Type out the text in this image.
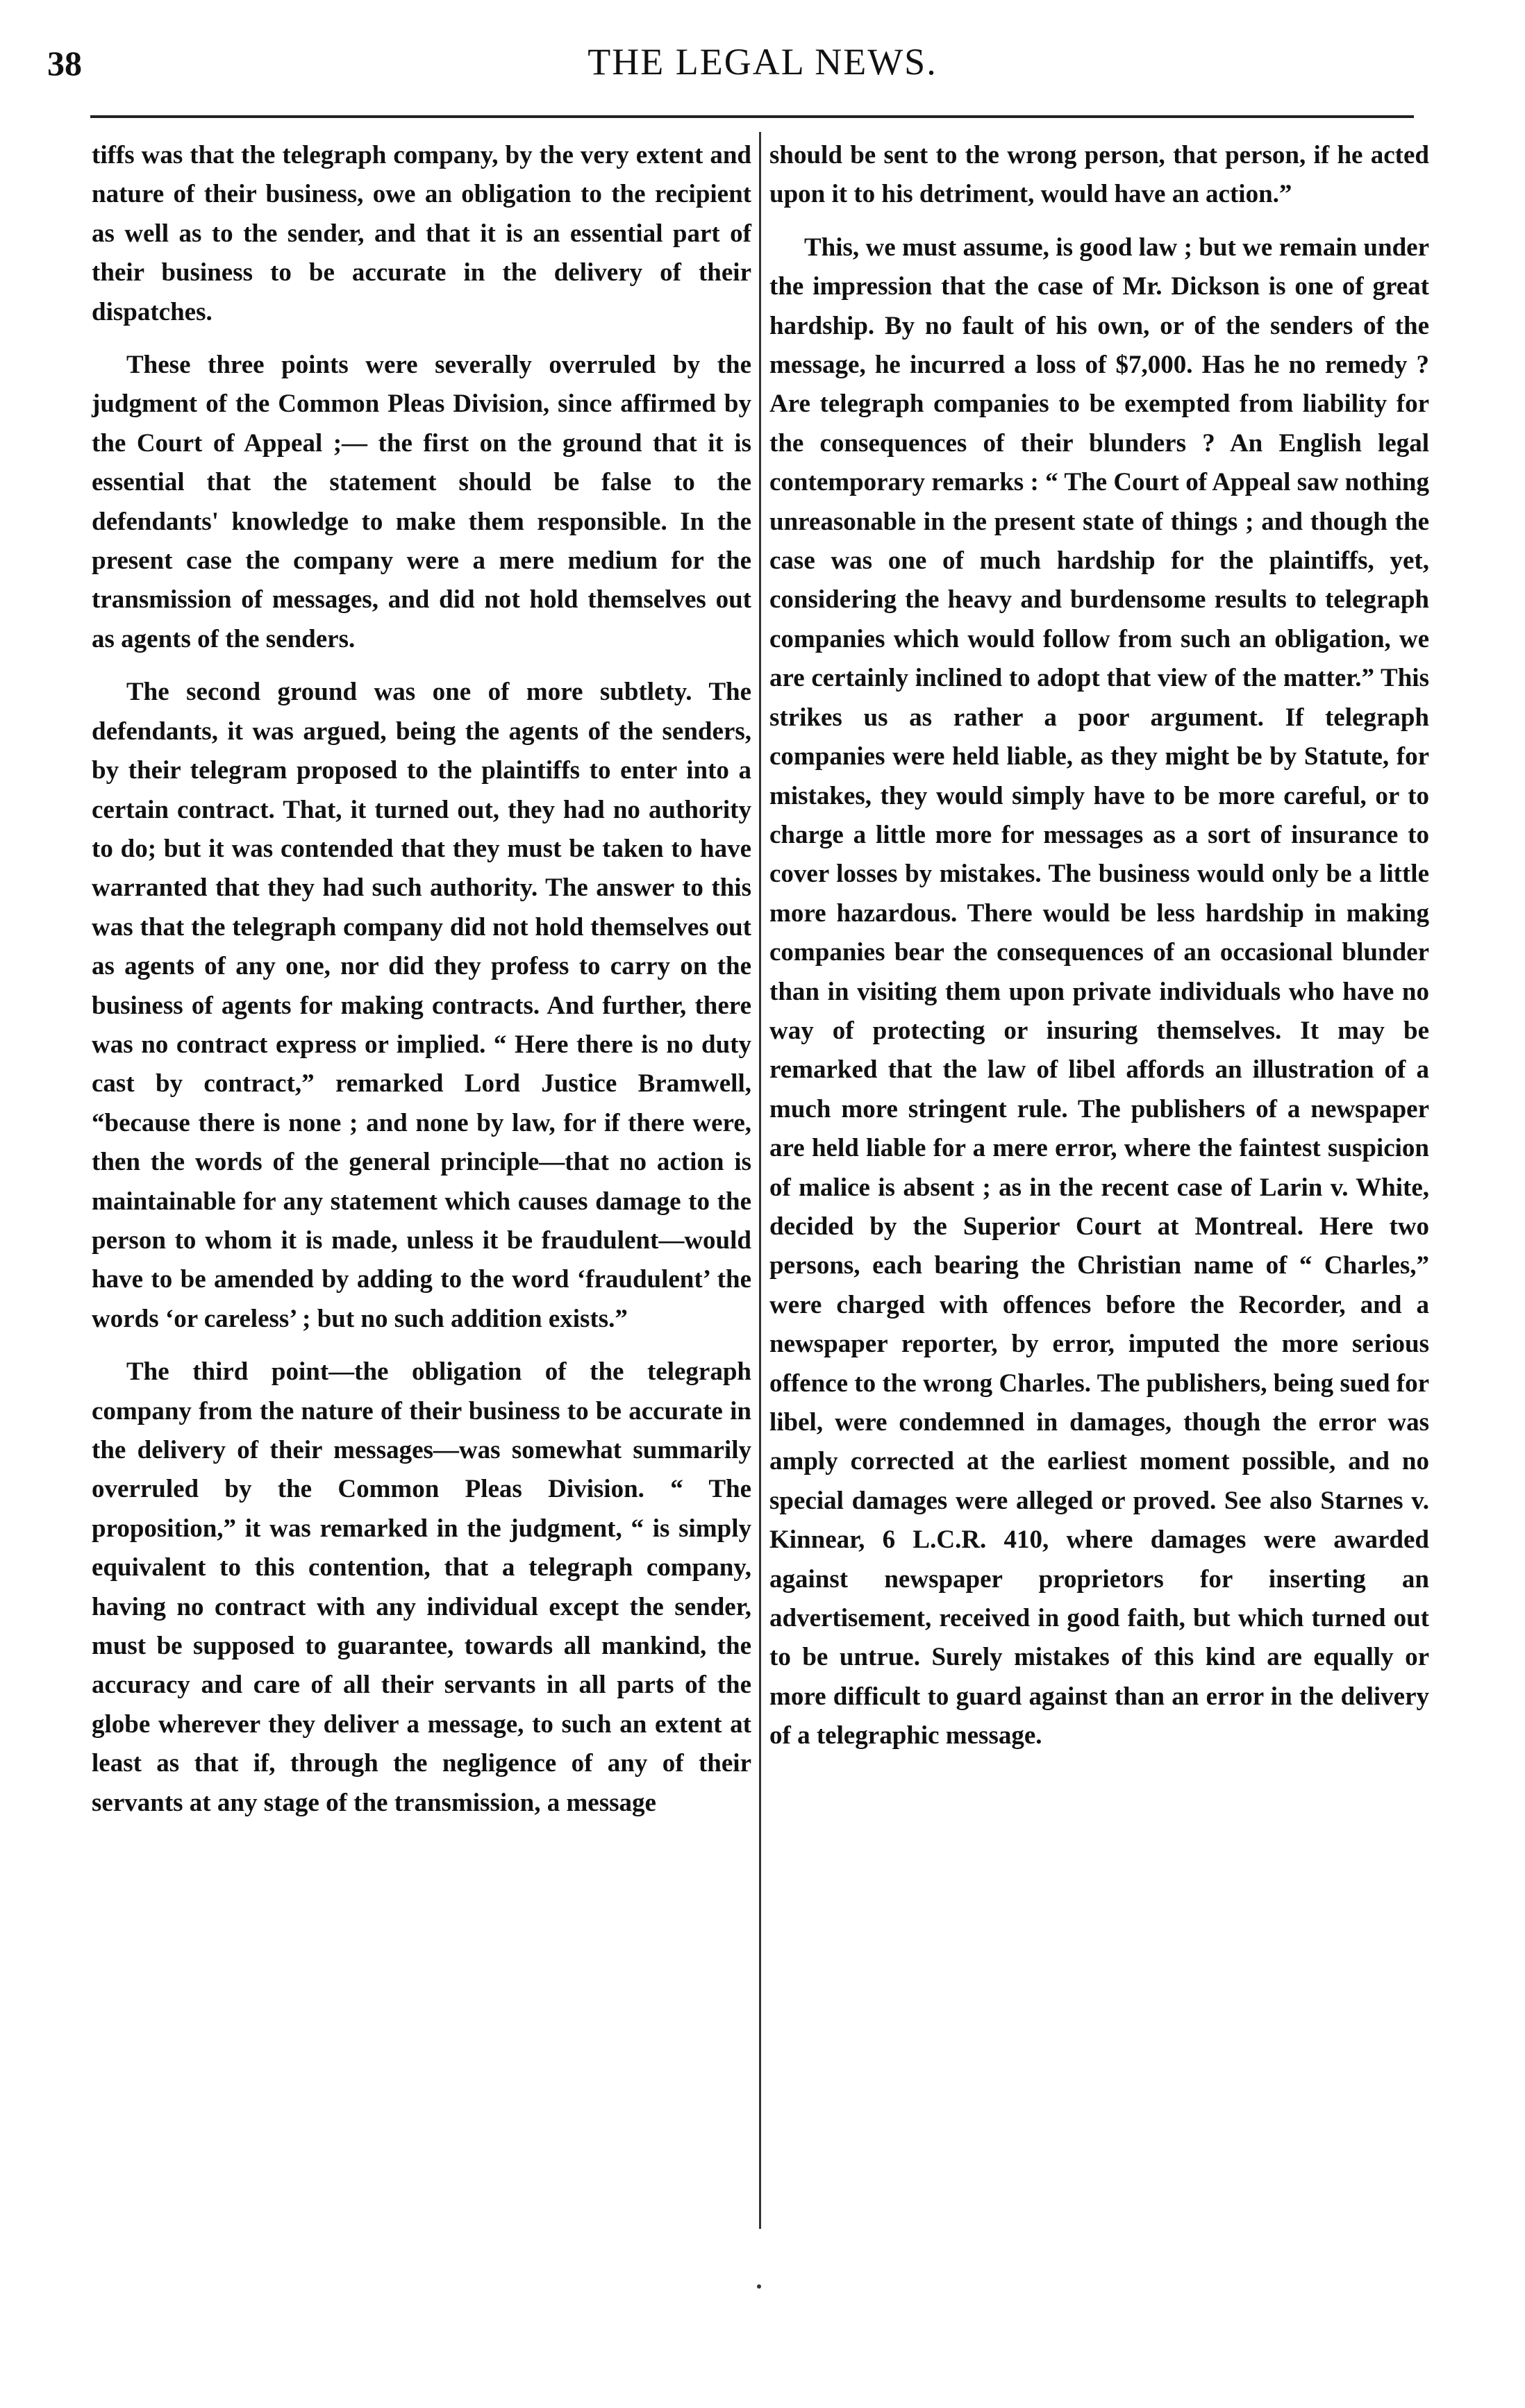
38	THE LEGAL NEWS.

tiffs was that the telegraph company, by the very extent and nature of their business, owe an obligation to the recipient as well as to the sender, and that it is an essential part of their business to be accurate in the delivery of their dispatches.

These three points were severally overruled by the judgment of the Common Pleas Division, since affirmed by the Court of Appeal ;— the first on the ground that it is essential that the statement should be false to the defendants' knowledge to make them responsible. In the present case the company were a mere medium for the transmission of messages, and did not hold themselves out as agents of the senders.

The second ground was one of more subtlety. The defendants, it was argued, being the agents of the senders, by their telegram proposed to the plaintiffs to enter into a certain contract. That, it turned out, they had no authority to do; but it was contended that they must be taken to have warranted that they had such authority. The answer to this was that the telegraph company did not hold themselves out as agents of any one, nor did they profess to carry on the business of agents for making contracts. And further, there was no contract express or implied. “ Here there is no duty cast by contract,” remarked Lord Justice Bramwell, “because there is none ; and none by law, for if there were, then the words of the general principle—that no action is maintainable for any statement which causes damage to the person to whom it is made, unless it be fraudulent—would have to be amended by adding to the word ‘fraudulent’ the words ‘or careless’ ; but no such addition exists.”

The third point—the obligation of the telegraph company from the nature of their business to be accurate in the delivery of their messages—was somewhat summarily overruled by the Common Pleas Division. “ The proposition,” it was remarked in the judgment, “ is simply equivalent to this contention, that a telegraph company, having no contract with any individual except the sender, must be supposed to guarantee, towards all mankind, the accuracy and care of all their servants in all parts of the globe wherever they deliver a message, to such an extent at least as that if, through the negligence of any of their servants at any stage of the transmission, a message

should be sent to the wrong person, that person, if he acted upon it to his detriment, would have an action.”

This, we must assume, is good law ; but we remain under the impression that the case of Mr. Dickson is one of great hardship. By no fault of his own, or of the senders of the message, he incurred a loss of $7,000. Has he no remedy ? Are telegraph companies to be exempted from liability for the consequences of their blunders ? An English legal contemporary remarks : “ The Court of Appeal saw nothing unreasonable in the present state of things ; and though the case was one of much hardship for the plaintiffs, yet, considering the heavy and burdensome results to telegraph companies which would follow from such an obligation, we are certainly inclined to adopt that view of the matter.” This strikes us as rather a poor argument. If telegraph companies were held liable, as they might be by Statute, for mistakes, they would simply have to be more careful, or to charge a little more for messages as a sort of insurance to cover losses by mistakes. The business would only be a little more hazardous. There would be less hardship in making companies bear the consequences of an occasional blunder than in visiting them upon private individuals who have no way of protecting or insuring themselves. It may be remarked that the law of libel affords an illustration of a much more stringent rule. The publishers of a newspaper are held liable for a mere error, where the faintest suspicion of malice is absent ; as in the recent case of Larin v. White, decided by the Superior Court at Montreal. Here two persons, each bearing the Christian name of “ Charles,” were charged with offences before the Recorder, and a newspaper reporter, by error, imputed the more serious offence to the wrong Charles. The publishers, being sued for libel, were condemned in damages, though the error was amply corrected at the earliest moment possible, and no special damages were alleged or proved. See also Starnes v. Kinnear, 6 L.C.R. 410, where damages were awarded against newspaper proprietors for inserting an advertisement, received in good faith, but which turned out to be untrue. Surely mistakes of this kind are equally or more difficult to guard against than an error in the delivery of a telegraphic message.
